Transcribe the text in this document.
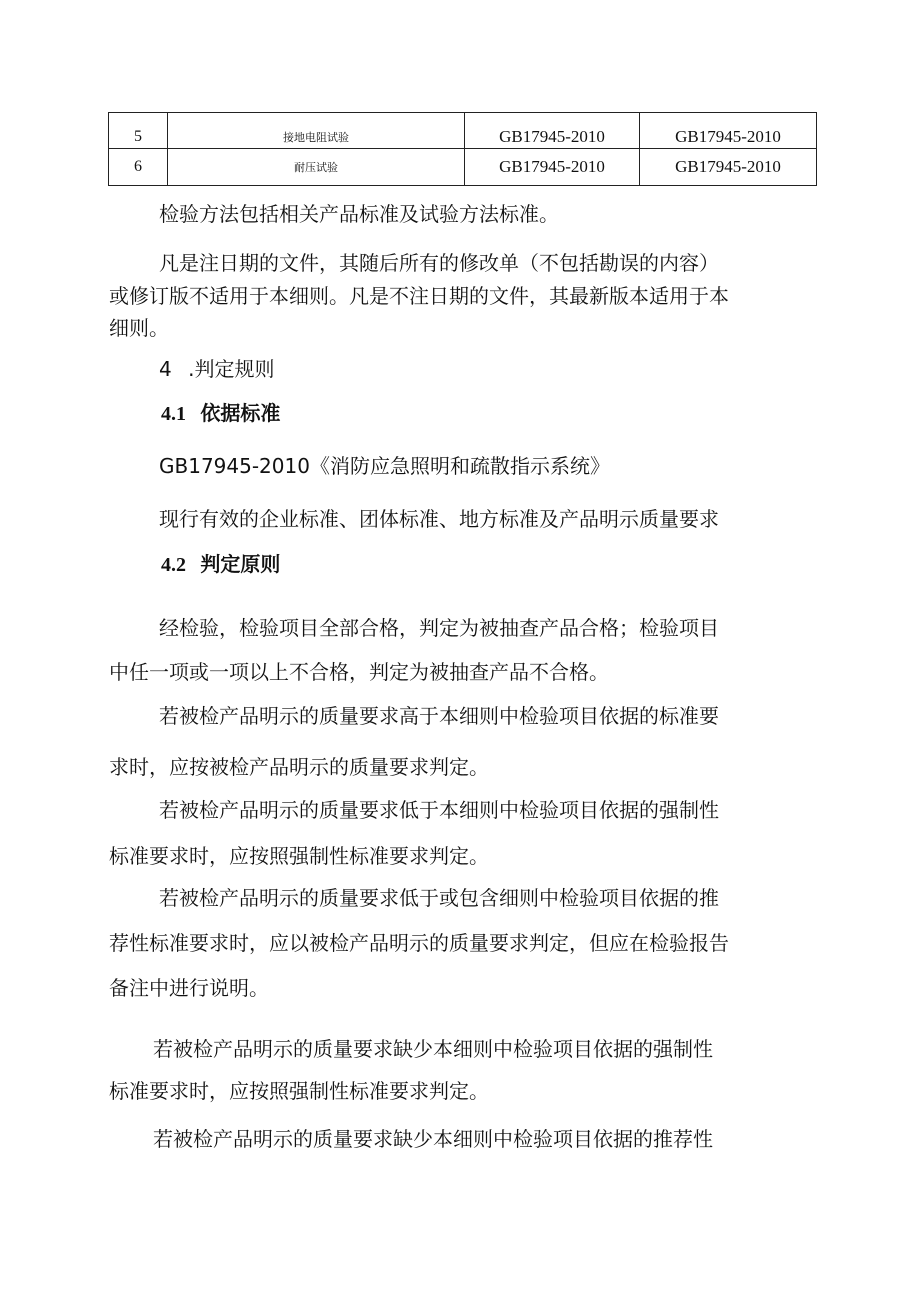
5	接地电阻试验	GB17945-2010	GB17945-2010
6	耐压试验	GB17945-2010	GB17945-2010

检验方法包括相关产品标准及试验方法标准。

凡是注日期的文件，其随后所有的修改单（不包括勘误的内容）

或修订版不适用于本细则。凡是不注日期的文件，其最新版本适用于本

细则。

4 .判定规则

4.1 依据标准

GB17945-2010《消防应急照明和疏散指示系统》

现行有效的企业标准、团体标准、地方标准及产品明示质量要求

4.2 判定原则

经检验，检验项目全部合格，判定为被抽查产品合格；检验项目

中任一项或一项以上不合格，判定为被抽查产品不合格。

若被检产品明示的质量要求高于本细则中检验项目依据的标准要

求时，应按被检产品明示的质量要求判定。

若被检产品明示的质量要求低于本细则中检验项目依据的强制性

标准要求时，应按照强制性标准要求判定。

若被检产品明示的质量要求低于或包含细则中检验项目依据的推

荐性标准要求时，应以被检产品明示的质量要求判定，但应在检验报告

备注中进行说明。

若被检产品明示的质量要求缺少本细则中检验项目依据的强制性

标准要求时，应按照强制性标准要求判定。

若被检产品明示的质量要求缺少本细则中检验项目依据的推荐性
